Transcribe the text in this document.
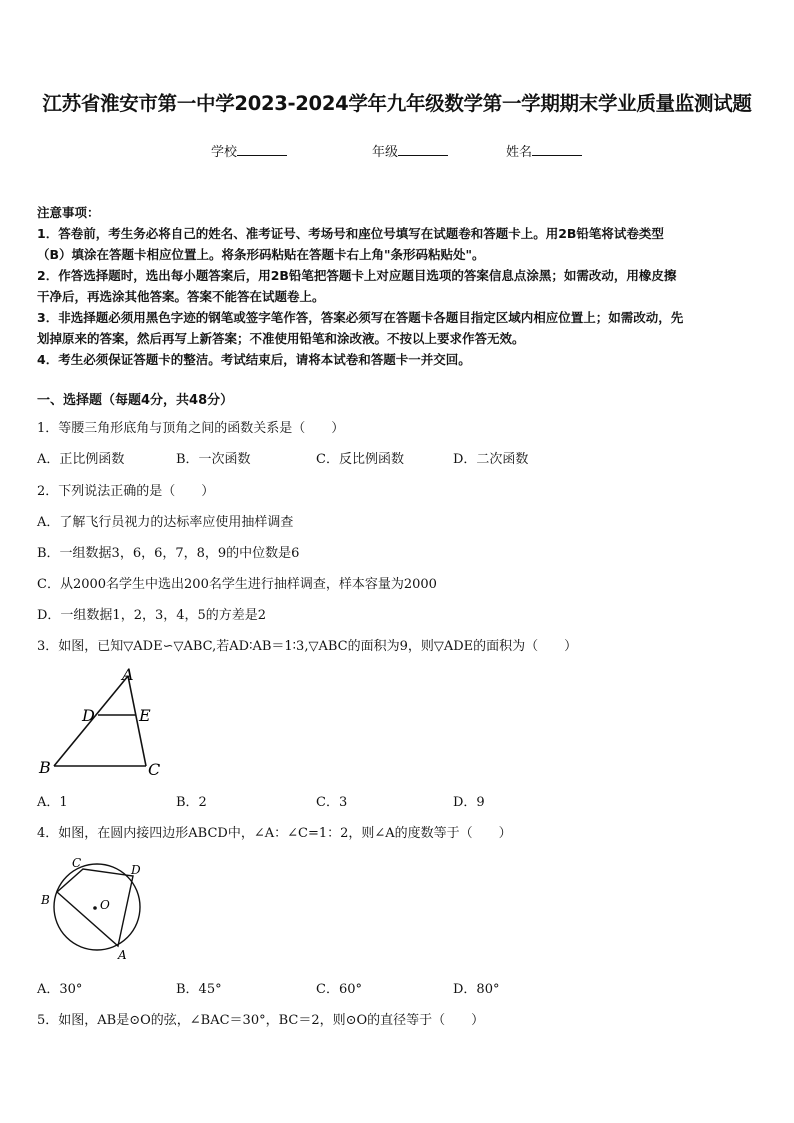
江苏省淮安市第一中学2023-2024学年九年级数学第一学期期末学业质量监测试题
学校	年级	姓名
注意事项：
1．答卷前，考生务必将自己的姓名、准考证号、考场号和座位号填写在试题卷和答题卡上。用2B铅笔将试卷类型
（B）填涂在答题卡相应位置上。将条形码粘贴在答题卡右上角"条形码粘贴处"。
2．作答选择题时，选出每小题答案后，用2B铅笔把答题卡上对应题目选项的答案信息点涂黑；如需改动，用橡皮擦
干净后，再选涂其他答案。答案不能答在试题卷上。
3．非选择题必须用黑色字迹的钢笔或签字笔作答，答案必须写在答题卡各题目指定区域内相应位置上；如需改动，先
划掉原来的答案，然后再写上新答案；不准使用铅笔和涂改液。不按以上要求作答无效。
4．考生必须保证答题卡的整洁。考试结束后，请将本试卷和答题卡一并交回。
一、选择题（每题4分，共48分）
1．等腰三角形底角与顶角之间的函数关系是（　　）
A．正比例函数	B．一次函数	C．反比例函数	D．二次函数
2．下列说法正确的是（　　）
A．了解飞行员视力的达标率应使用抽样调查
B．一组数据3，6，6，7，8，9的中位数是6
C．从2000名学生中选出200名学生进行抽样调查，样本容量为2000
D．一组数据1，2，3，4，5的方差是2
3．如图，已知▽ADE∽▽ABC,若AD∶AB＝1∶3,▽ABC的面积为9，则▽ADE的面积为（　　）
A
D	E
B	C
A．1	B．2	C．3	D．9
4．如图，在圆内接四边形ABCD中，∠A：∠C=1：2，则∠A的度数等于（　　）
C	D
B	O
A
A．30°	B．45°	C．60°	D．80°
5．如图，AB是⊙O的弦，∠BAC＝30°，BC＝2，则⊙O的直径等于（　　）
